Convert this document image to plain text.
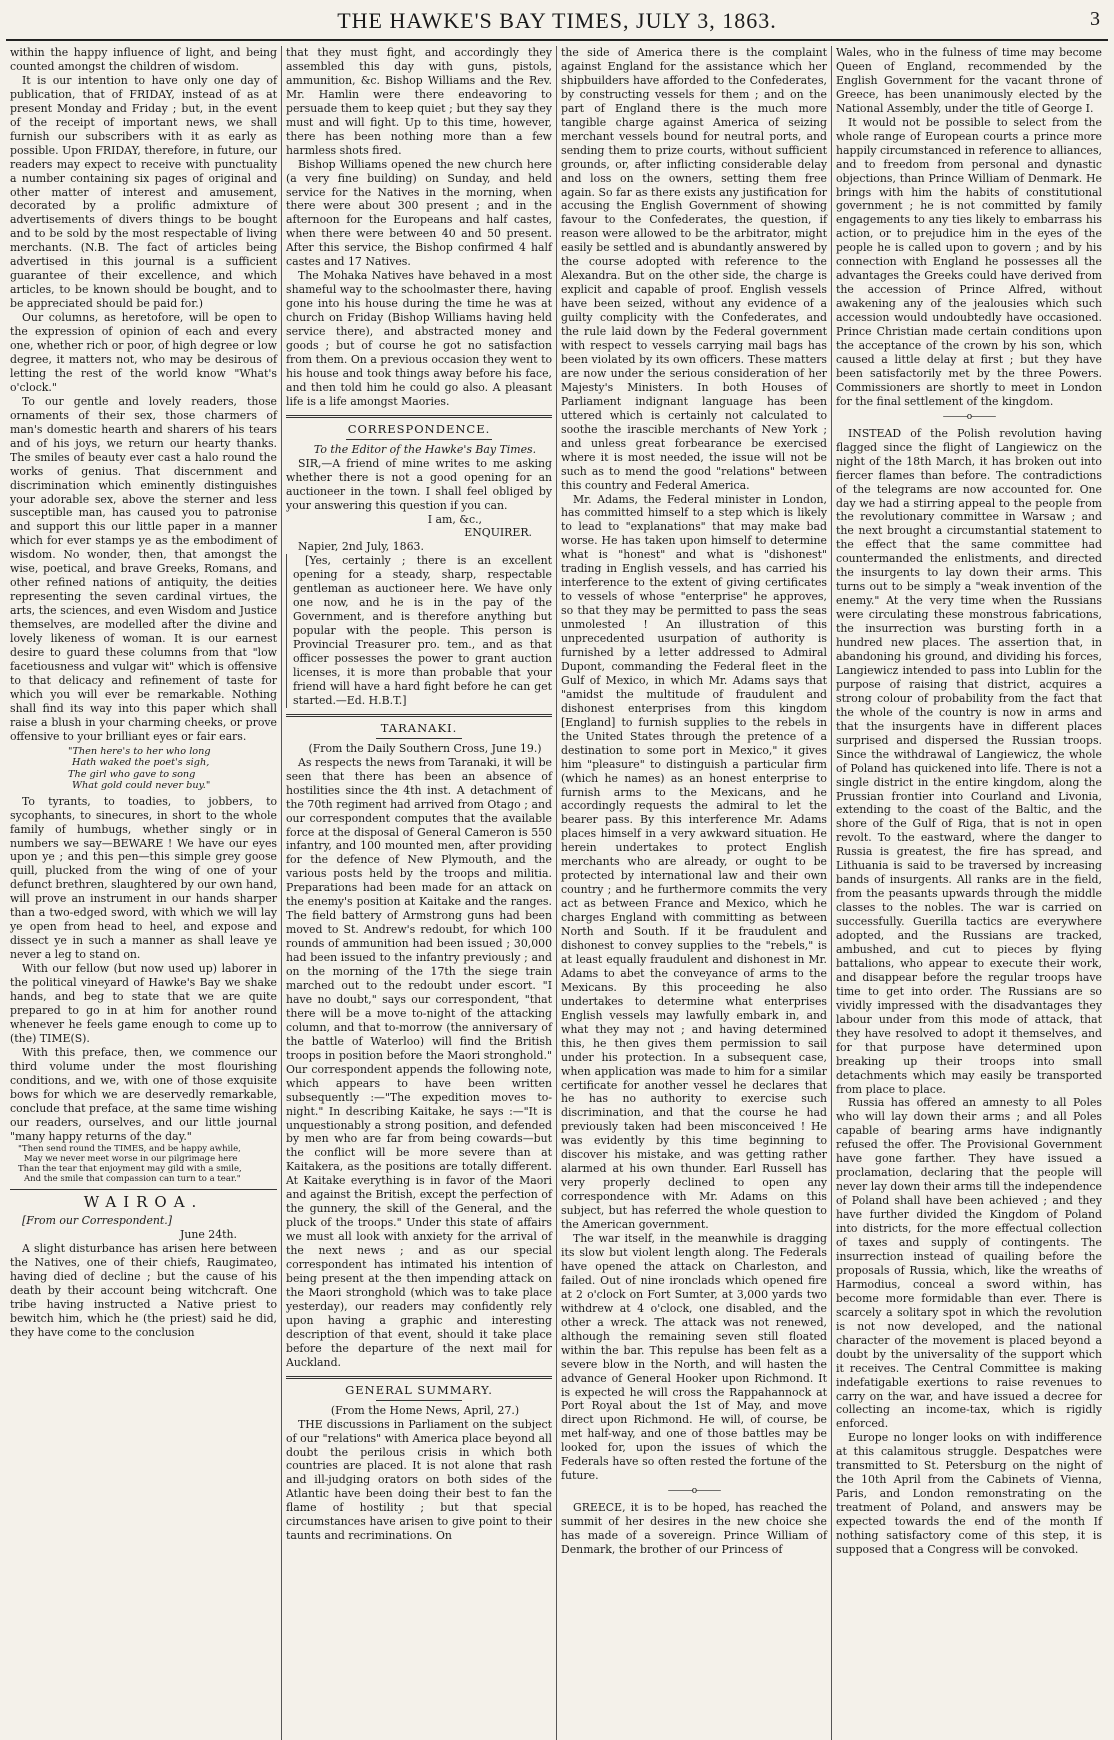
THE HAWKE'S BAY TIMES, JULY 3, 1863.	3

within the happy influence of light, and being counted amongst the children of wisdom.

It is our intention to have only one day of publication, that of FRIDAY, instead of as at present Monday and Friday ; but, in the event of the receipt of important news, we shall furnish our subscribers with it as early as possible. Upon FRIDAY, therefore, in future, our readers may expect to receive with punctuality a number containing six pages of original and other matter of interest and amusement, decorated by a prolific admixture of advertisements of divers things to be bought and to be sold by the most respectable of living merchants. (N.B. The fact of articles being advertised in this journal is a sufficient guarantee of their excellence, and which articles, to be known should be bought, and to be appreciated should be paid for.)

Our columns, as heretofore, will be open to the expression of opinion of each and every one, whether rich or poor, of high degree or low degree, it matters not, who may be desirous of letting the rest of the world know "What's o'clock."

To our gentle and lovely readers, those ornaments of their sex, those charmers of man's domestic hearth and sharers of his tears and of his joys, we return our hearty thanks. The smiles of beauty ever cast a halo round the works of genius. That discernment and discrimination which eminently distinguishes your adorable sex, above the sterner and less susceptible man, has caused you to patronise and support this our little paper in a manner which for ever stamps ye as the embodiment of wisdom. No wonder, then, that amongst the wise, poetical, and brave Greeks, Romans, and other refined nations of antiquity, the deities representing the seven cardinal virtues, the arts, the sciences, and even Wisdom and Justice themselves, are modelled after the divine and lovely likeness of woman. It is our earnest desire to guard these columns from that "low facetiousness and vulgar wit" which is offensive to that delicacy and refinement of taste for which you will ever be remarkable. Nothing shall find its way into this paper which shall raise a blush in your charming cheeks, or prove offensive to your brilliant eyes or fair ears.

"Then here's to her who long
Hath waked the poet's sigh,
The girl who gave to song
What gold could never buy."

To tyrants, to toadies, to jobbers, to sycophants, to sinecures, in short to the whole family of humbugs, whether singly or in numbers we say—BEWARE ! We have our eyes upon ye ; and this pen—this simple grey goose quill, plucked from the wing of one of your defunct brethren, slaughtered by our own hand, will prove an instrument in our hands sharper than a two-edged sword, with which we will lay ye open from head to heel, and expose and dissect ye in such a manner as shall leave ye never a leg to stand on.

With our fellow (but now used up) laborer in the political vineyard of Hawke's Bay we shake hands, and beg to state that we are quite prepared to go in at him for another round whenever he feels game enough to come up to (the) TIME(S).

With this preface, then, we commence our third volume under the most flourishing conditions, and we, with one of those exquisite bows for which we are deservedly remarkable, conclude that preface, at the same time wishing our readers, ourselves, and our little journal "many happy returns of the day."

"Then send round the TIMES, and be happy awhile,
May we never meet worse in our pilgrimage here
Than the tear that enjoyment may gild with a smile,
And the smile that compassion can turn to a tear."
WAIROA.

[From our Correspondent.]

June 24th.

A slight disturbance has arisen here between the Natives, one of their chiefs, Raugimateo, having died of decline ; but the cause of his death by their account being witchcraft. One tribe having instructed a Native priest to bewitch him, which he (the priest) said he did, they have come to the conclusion

that they must fight, and accordingly they assembled this day with guns, pistols, ammunition, &c. Bishop Williams and the Rev. Mr. Hamlin were there endeavoring to persuade them to keep quiet ; but they say they must and will fight. Up to this time, however, there has been nothing more than a few harmless shots fired.

Bishop Williams opened the new church here (a very fine building) on Sunday, and held service for the Natives in the morning, when there were about 300 present ; and in the afternoon for the Europeans and half castes, when there were between 40 and 50 present. After this service, the Bishop confirmed 4 half castes and 17 Natives.

The Mohaka Natives have behaved in a most shameful way to the schoolmaster there, having gone into his house during the time he was at church on Friday (Bishop Williams having held service there), and abstracted money and goods ; but of course he got no satisfaction from them. On a previous occasion they went to his house and took things away before his face, and then told him he could go also. A pleasant life is a life amongst Maories.

CORRESPONDENCE.

To the Editor of the Hawke's Bay Times.

SIR,—A friend of mine writes to me asking whether there is not a good opening for an auctioneer in the town. I shall feel obliged by your answering this question if you can.

I am, &c.,

ENQUIRER.

Napier, 2nd July, 1863.

[Yes, certainly ; there is an excellent opening for a steady, sharp, respectable gentleman as auctioneer here. We have only one now, and he is in the pay of the Government, and is therefore anything but popular with the people. This person is Provincial Treasurer pro. tem., and as that officer possesses the power to grant auction licenses, it is more than probable that your friend will have a hard fight before he can get started.—Ed. H.B.T.]

TARANAKI.

(From the Daily Southern Cross, June 19.)

As respects the news from Taranaki, it will be seen that there has been an absence of hostilities since the 4th inst. A detachment of the 70th regiment had arrived from Otago ; and our correspondent computes that the available force at the disposal of General Cameron is 550 infantry, and 100 mounted men, after providing for the defence of New Plymouth, and the various posts held by the troops and militia. Preparations had been made for an attack on the enemy's position at Kaitake and the ranges. The field battery of Armstrong guns had been moved to St. Andrew's redoubt, for which 100 rounds of ammunition had been issued ; 30,000 had been issued to the infantry previously ; and on the morning of the 17th the siege train marched out to the redoubt under escort. "I have no doubt," says our correspondent, "that there will be a move to-night of the attacking column, and that to-morrow (the anniversary of the battle of Waterloo) will find the British troops in position before the Maori stronghold." Our correspondent appends the following note, which appears to have been written subsequently :—"The expedition moves to-night." In describing Kaitake, he says :—"It is unquestionably a strong position, and defended by men who are far from being cowards—but the conflict will be more severe than at Kaitakera, as the positions are totally different. At Kaitake everything is in favor of the Maori and against the British, except the perfection of the gunnery, the skill of the General, and the pluck of the troops." Under this state of affairs we must all look with anxiety for the arrival of the next news ; and as our special correspondent has intimated his intention of being present at the then impending attack on the Maori stronghold (which was to take place yesterday), our readers may confidently rely upon having a graphic and interesting description of that event, should it take place before the departure of the next mail for Auckland.

GENERAL SUMMARY.

(From the Home News, April, 27.)

THE discussions in Parliament on the subject of our "relations" with America place beyond all doubt the perilous crisis in which both countries are placed. It is not alone that rash and ill-judging orators on both sides of the Atlantic have been doing their best to fan the flame of hostility ; but that special circumstances have arisen to give point to their taunts and recriminations. On

the side of America there is the complaint against England for the assistance which her shipbuilders have afforded to the Confederates, by constructing vessels for them ; and on the part of England there is the much more tangible charge against America of seizing merchant vessels bound for neutral ports, and sending them to prize courts, without sufficient grounds, or, after inflicting considerable delay and loss on the owners, setting them free again. So far as there exists any justification for accusing the English Government of showing favour to the Confederates, the question, if reason were allowed to be the arbitrator, might easily be settled and is abundantly answered by the course adopted with reference to the Alexandra. But on the other side, the charge is explicit and capable of proof. English vessels have been seized, without any evidence of a guilty complicity with the Confederates, and the rule laid down by the Federal government with respect to vessels carrying mail bags has been violated by its own officers. These matters are now under the serious consideration of her Majesty's Ministers. In both Houses of Parliament indignant language has been uttered which is certainly not calculated to soothe the irascible merchants of New York ; and unless great forbearance be exercised where it is most needed, the issue will not be such as to mend the good "relations" between this country and Federal America.

Mr. Adams, the Federal minister in London, has committed himself to a step which is likely to lead to "explanations" that may make bad worse. He has taken upon himself to determine what is "honest" and what is "dishonest" trading in English vessels, and has carried his interference to the extent of giving certificates to vessels of whose "enterprise" he approves, so that they may be permitted to pass the seas unmolested ! An illustration of this unprecedented usurpation of authority is furnished by a letter addressed to Admiral Dupont, commanding the Federal fleet in the Gulf of Mexico, in which Mr. Adams says that "amidst the multitude of fraudulent and dishonest enterprises from this kingdom [England] to furnish supplies to the rebels in the United States through the pretence of a destination to some port in Mexico," it gives him "pleasure" to distinguish a particular firm (which he names) as an honest enterprise to furnish arms to the Mexicans, and he accordingly requests the admiral to let the bearer pass. By this interference Mr. Adams places himself in a very awkward situation. He herein undertakes to protect English merchants who are already, or ought to be protected by international law and their own country ; and he furthermore commits the very act as between France and Mexico, which he charges England with committing as between North and South. If it be fraudulent and dishonest to convey supplies to the "rebels," is at least equally fraudulent and dishonest in Mr. Adams to abet the conveyance of arms to the Mexicans. By this proceeding he also undertakes to determine what enterprises English vessels may lawfully embark in, and what they may not ; and having determined this, he then gives them permission to sail under his protection. In a subsequent case, when application was made to him for a similar certificate for another vessel he declares that he has no authority to exercise such discrimination, and that the course he had previously taken had been misconceived ! He was evidently by this time beginning to discover his mistake, and was getting rather alarmed at his own thunder. Earl Russell has very properly declined to open any correspondence with Mr. Adams on this subject, but has referred the whole question to the American government.

The war itself, in the meanwhile is dragging its slow but violent length along. The Federals have opened the attack on Charleston, and failed. Out of nine ironclads which opened fire at 2 o'clock on Fort Sumter, at 3,000 yards two withdrew at 4 o'clock, one disabled, and the other a wreck. The attack was not renewed, although the remaining seven still floated within the bar. This repulse has been felt as a severe blow in the North, and will hasten the advance of General Hooker upon Richmond. It is expected he will cross the Rappahannock at Port Royal about the 1st of May, and move direct upon Richmond. He will, of course, be met half-way, and one of those battles may be looked for, upon the issues of which the Federals have so often rested the fortune of the future.

———o———

GREECE, it is to be hoped, has reached the summit of her desires in the new choice she has made of a sovereign. Prince William of Denmark, the brother of our Princess of

Wales, who in the fulness of time may become Queen of England, recommended by the English Government for the vacant throne of Greece, has been unanimously elected by the National Assembly, under the title of George I.

It would not be possible to select from the whole range of European courts a prince more happily circumstanced in reference to alliances, and to freedom from personal and dynastic objections, than Prince William of Denmark. He brings with him the habits of constitutional government ; he is not committed by family engagements to any ties likely to embarrass his action, or to prejudice him in the eyes of the people he is called upon to govern ; and by his connection with England he possesses all the advantages the Greeks could have derived from the accession of Prince Alfred, without awakening any of the jealousies which such accession would undoubtedly have occasioned. Prince Christian made certain conditions upon the acceptance of the crown by his son, which caused a little delay at first ; but they have been satisfactorily met by the three Powers. Commissioners are shortly to meet in London for the final settlement of the kingdom.

———o———

INSTEAD of the Polish revolution having flagged since the flight of Langiewicz on the night of the 18th March, it has broken out into fiercer flames than before. The contradictions of the telegrams are now accounted for. One day we had a stirring appeal to the people from the revolutionary committee in Warsaw ; and the next brought a circumstantial statement to the effect that the same committee had countermanded the enlistments, and directed the insurgents to lay down their arms. This turns out to be simply a "weak invention of the enemy." At the very time when the Russians were circulating these monstrous fabrications, the insurrection was bursting forth in a hundred new places. The assertion that, in abandoning his ground, and dividing his forces, Langiewicz intended to pass into Lublin for the purpose of raising that district, acquires a strong colour of probability from the fact that the whole of the country is now in arms and that the insurgents have in different places surprised and dispersed the Russian troops. Since the withdrawal of Langiewicz, the whole of Poland has quickened into life. There is not a single district in the entire kingdom, along the Prussian frontier into Courland and Livonia, extending to the coast of the Baltic, and the shore of the Gulf of Riga, that is not in open revolt. To the eastward, where the danger to Russia is greatest, the fire has spread, and Lithuania is said to be traversed by increasing bands of insurgents. All ranks are in the field, from the peasants upwards through the middle classes to the nobles. The war is carried on successfully. Guerilla tactics are everywhere adopted, and the Russians are tracked, ambushed, and cut to pieces by flying battalions, who appear to execute their work, and disappear before the regular troops have time to get into order. The Russians are so vividly impressed with the disadvantages they labour under from this mode of attack, that they have resolved to adopt it themselves, and for that purpose have determined upon breaking up their troops into small detachments which may easily be transported from place to place.

Russia has offered an amnesty to all Poles who will lay down their arms ; and all Poles capable of bearing arms have indignantly refused the offer. The Provisional Government have gone farther. They have issued a proclamation, declaring that the people will never lay down their arms till the independence of Poland shall have been achieved ; and they have further divided the Kingdom of Poland into districts, for the more effectual collection of taxes and supply of contingents. The insurrection instead of quailing before the proposals of Russia, which, like the wreaths of Harmodius, conceal a sword within, has become more formidable than ever. There is scarcely a solitary spot in which the revolution is not now developed, and the national character of the movement is placed beyond a doubt by the universality of the support which it receives. The Central Committee is making indefatigable exertions to raise revenues to carry on the war, and have issued a decree for collecting an income-tax, which is rigidly enforced.

Europe no longer looks on with indifference at this calamitous struggle. Despatches were transmitted to St. Petersburg on the night of the 10th April from the Cabinets of Vienna, Paris, and London remonstrating on the treatment of Poland, and answers may be expected towards the end of the month If nothing satisfactory come of this step, it is supposed that a Congress will be convoked.
